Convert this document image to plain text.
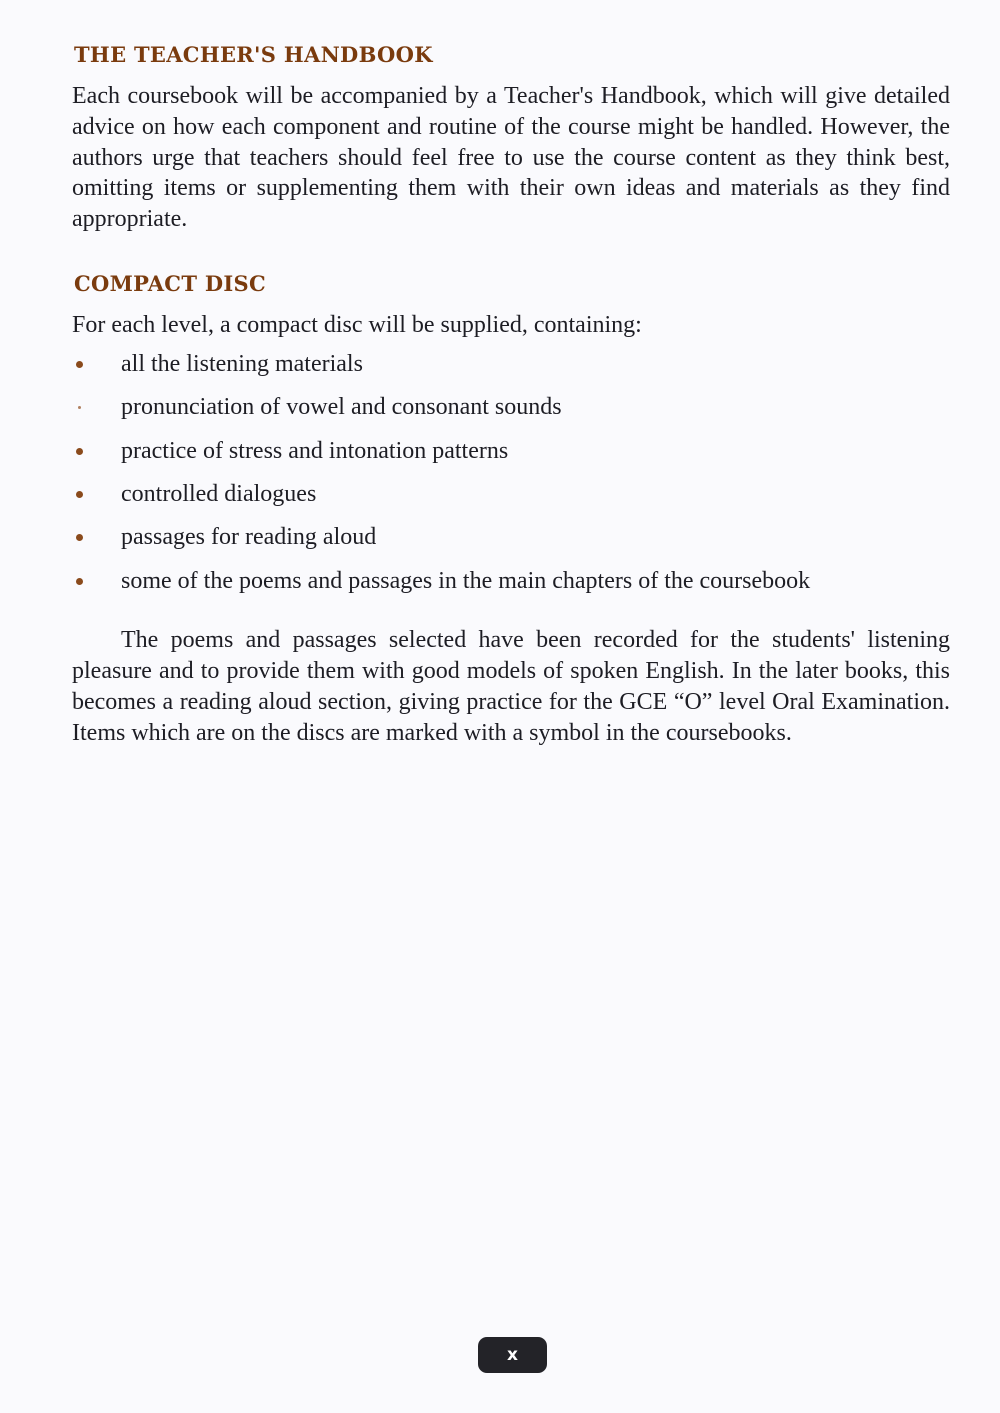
THE TEACHER'S HANDBOOK

Each coursebook will be accompanied by a Teacher's Handbook, which will give detailed advice on how each component and routine of the course might be handled. However, the authors urge that teachers should feel free to use the course content as they think best, omitting items or supplementing them with their own ideas and materials as they find appropriate.

COMPACT DISC

For each level, a compact disc will be supplied, containing:

all the listening materials
pronunciation of vowel and consonant sounds
practice of stress and intonation patterns
controlled dialogues
passages for reading aloud
some of the poems and passages in the main chapters of the coursebook

The poems and passages selected have been recorded for the students' listening pleasure and to provide them with good models of spoken English. In the later books, this becomes a reading aloud section, giving practice for the GCE “O” level Oral Examination. Items which are on the discs are marked with a symbol in the coursebooks.

x
